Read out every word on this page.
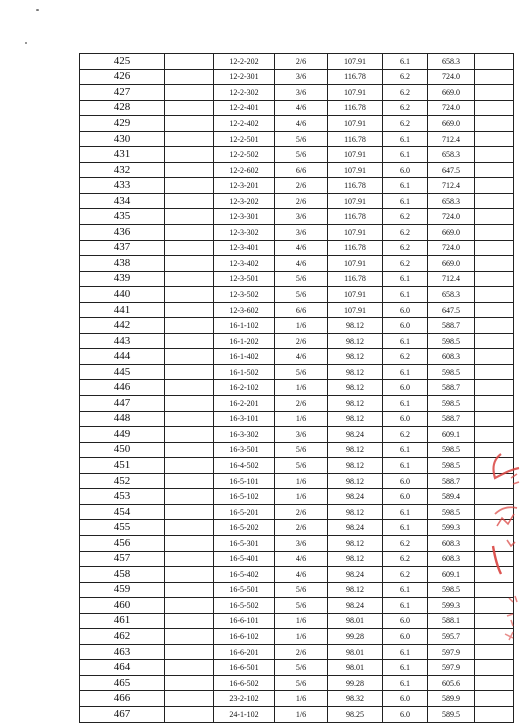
425		12-2-202	2/6	107.91	6.1	658.3	
426		12-2-301	3/6	116.78	6.2	724.0	
427		12-2-302	3/6	107.91	6.2	669.0	
428		12-2-401	4/6	116.78	6.2	724.0	
429		12-2-402	4/6	107.91	6.2	669.0	
430		12-2-501	5/6	116.78	6.1	712.4	
431		12-2-502	5/6	107.91	6.1	658.3	
432		12-2-602	6/6	107.91	6.0	647.5	
433		12-3-201	2/6	116.78	6.1	712.4	
434		12-3-202	2/6	107.91	6.1	658.3	
435		12-3-301	3/6	116.78	6.2	724.0	
436		12-3-302	3/6	107.91	6.2	669.0	
437		12-3-401	4/6	116.78	6.2	724.0	
438		12-3-402	4/6	107.91	6.2	669.0	
439		12-3-501	5/6	116.78	6.1	712.4	
440		12-3-502	5/6	107.91	6.1	658.3	
441		12-3-602	6/6	107.91	6.0	647.5	
442		16-1-102	1/6	98.12	6.0	588.7	
443		16-1-202	2/6	98.12	6.1	598.5	
444		16-1-402	4/6	98.12	6.2	608.3	
445		16-1-502	5/6	98.12	6.1	598.5	
446		16-2-102	1/6	98.12	6.0	588.7	
447		16-2-201	2/6	98.12	6.1	598.5	
448		16-3-101	1/6	98.12	6.0	588.7	
449		16-3-302	3/6	98.24	6.2	609.1	
450		16-3-501	5/6	98.12	6.1	598.5	
451		16-4-502	5/6	98.12	6.1	598.5	
452		16-5-101	1/6	98.12	6.0	588.7	
453		16-5-102	1/6	98.24	6.0	589.4	
454		16-5-201	2/6	98.12	6.1	598.5	
455		16-5-202	2/6	98.24	6.1	599.3	
456		16-5-301	3/6	98.12	6.2	608.3	
457		16-5-401	4/6	98.12	6.2	608.3	
458		16-5-402	4/6	98.24	6.2	609.1	
459		16-5-501	5/6	98.12	6.1	598.5	
460		16-5-502	5/6	98.24	6.1	599.3	
461		16-6-101	1/6	98.01	6.0	588.1	
462		16-6-102	1/6	99.28	6.0	595.7	
463		16-6-201	2/6	98.01	6.1	597.9	
464		16-6-501	5/6	98.01	6.1	597.9	
465		16-6-502	5/6	99.28	6.1	605.6	
466		23-2-102	1/6	98.32	6.0	589.9	
467		24-1-102	1/6	98.25	6.0	589.5	
